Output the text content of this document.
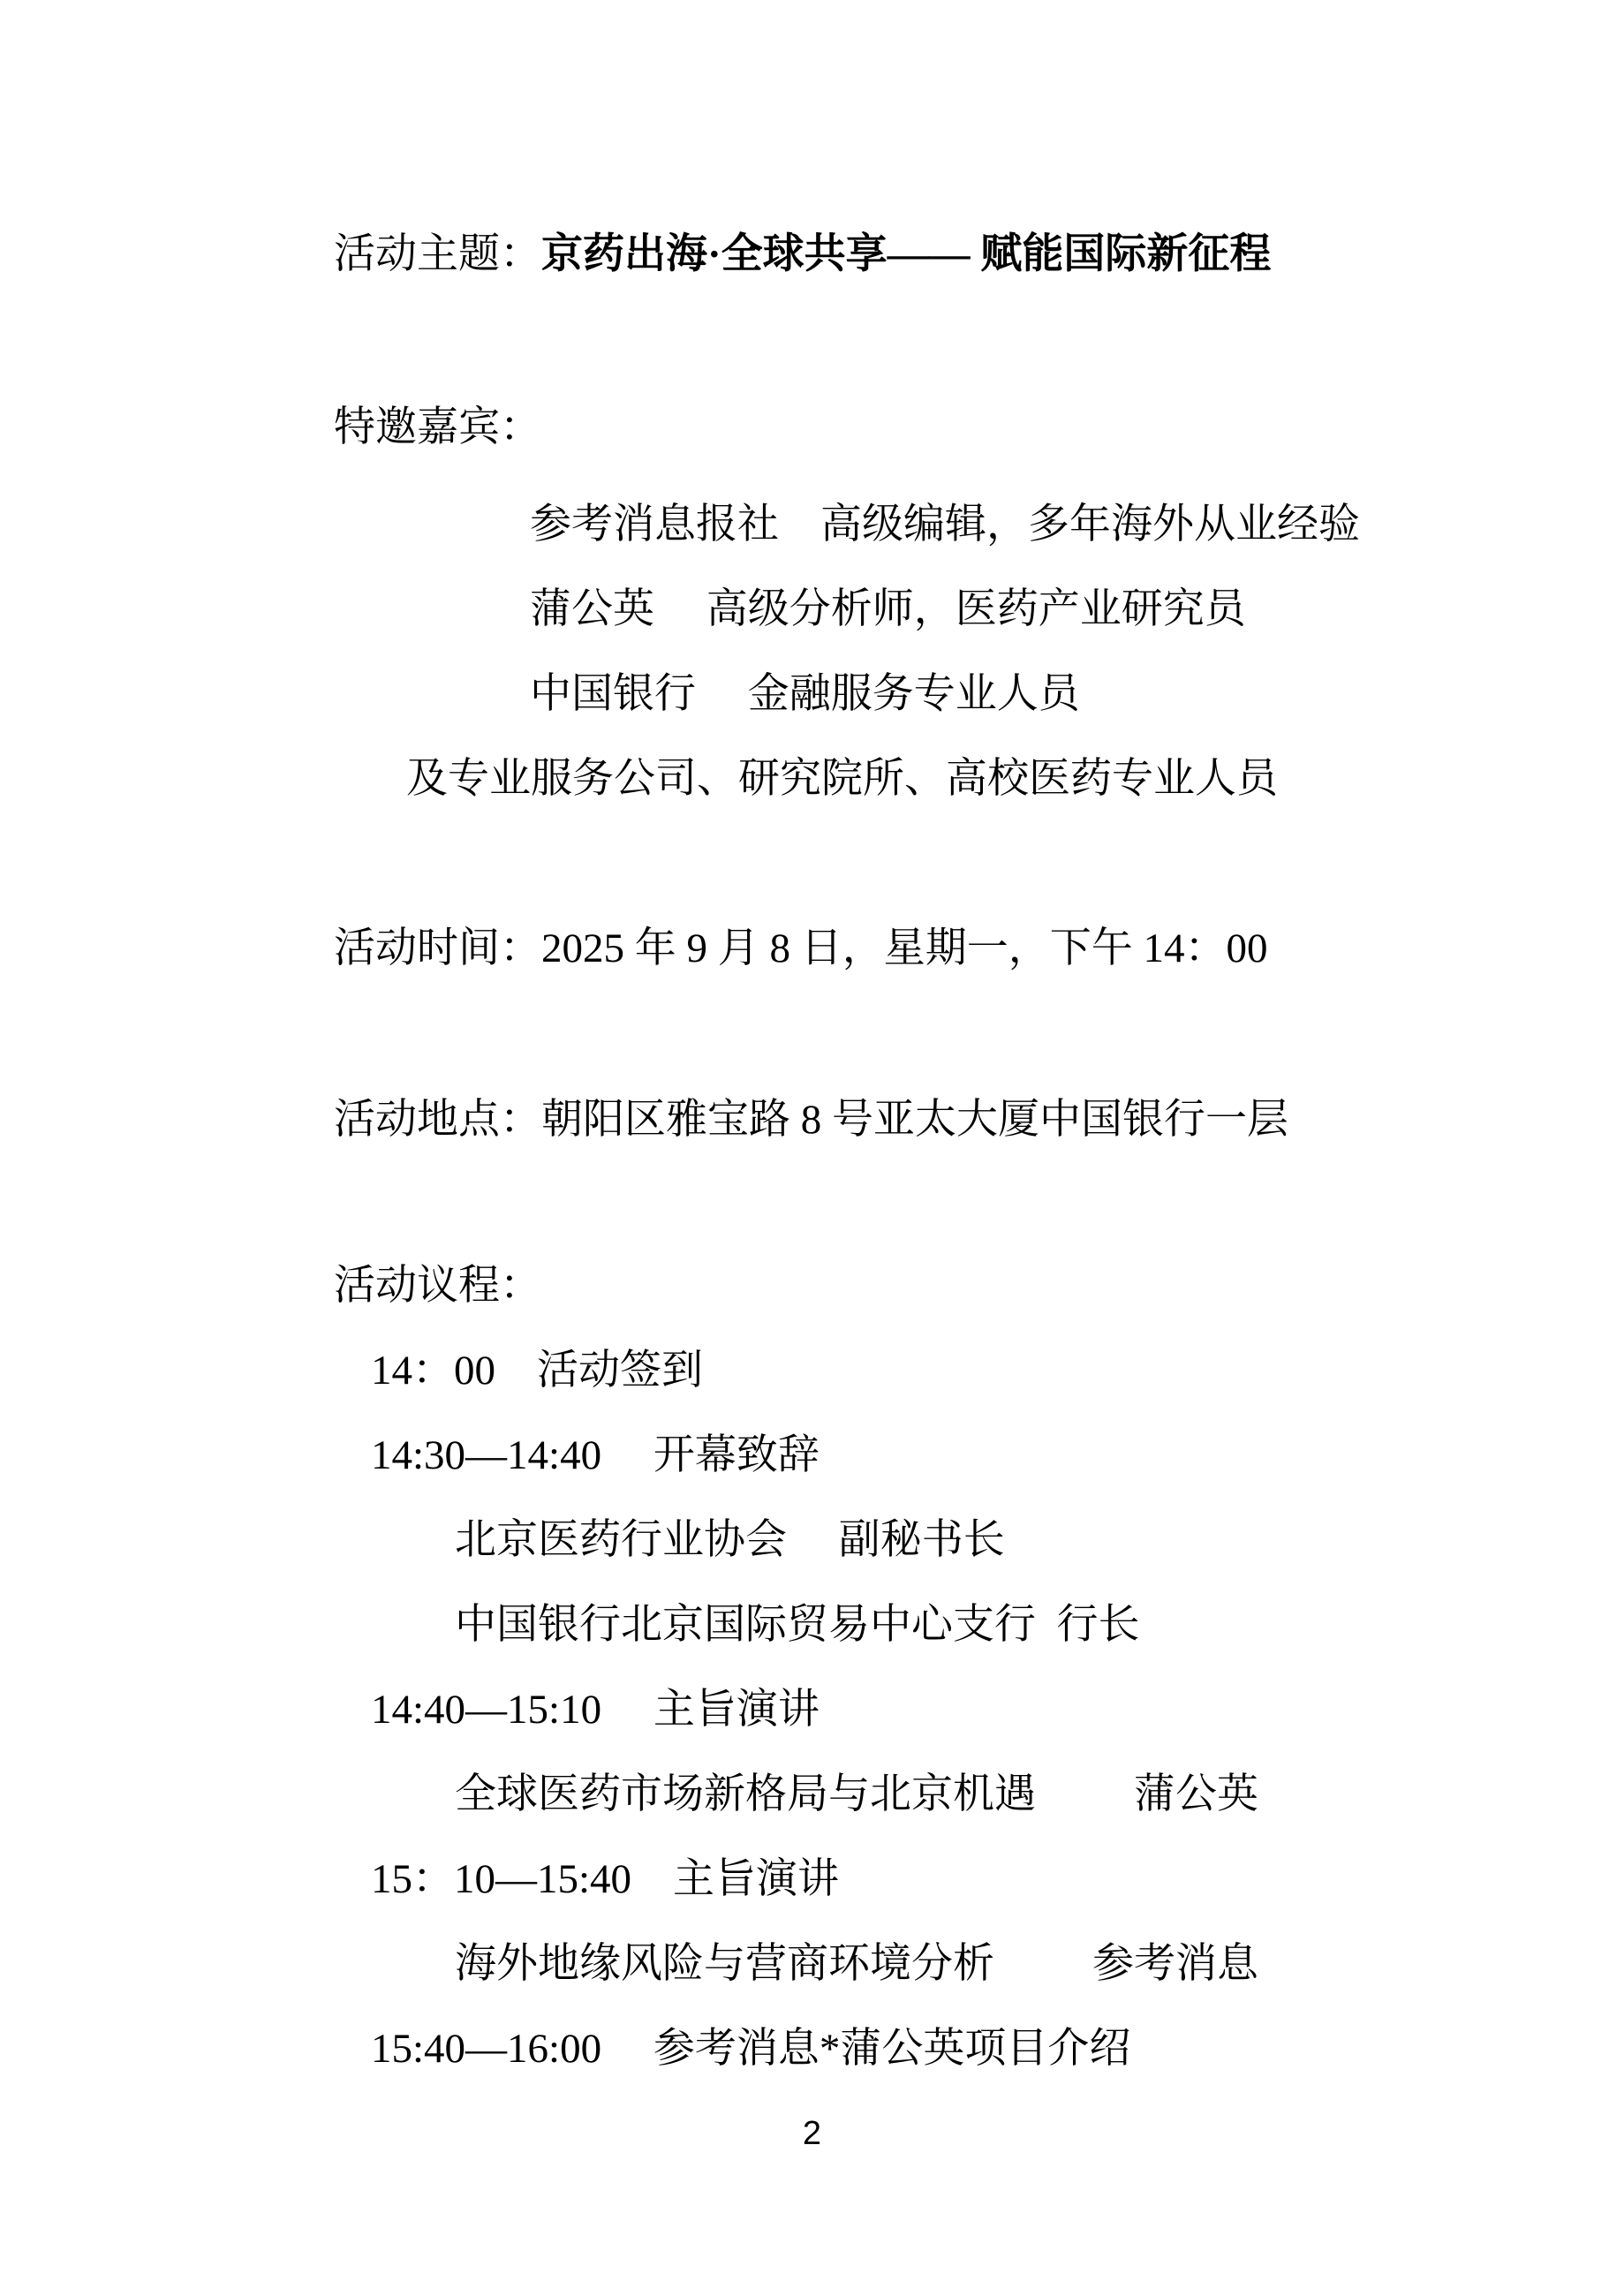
活动主题：京药出海·全球共享—— 赋能国际新征程

特邀嘉宾：

参考消息报社　高级编辑，多年海外从业经验

蒲公英　 高级分析师，医药产业研究员

中国银行　 金融服务专业人员

及专业服务公司、研究院所、高校医药专业人员

活动时间：2025 年 9 月 8 日，星期一，下午 14：00

活动地点：朝阳区雅宝路 8 号亚太大厦中国银行一层

活动议程：

14：00　活动签到

14:30—14:40　 开幕致辞

北京医药行业协会　 副秘书长

中国银行北京国际贸易中心支行  行长

14:40—15:10　 主旨演讲

全球医药市场新格局与北京机遇 蒲公英

15：10—15:40　主旨演讲

海外地缘风险与营商环境分析 参考消息

15:40—16:00　 参考消息*蒲公英项目介绍

2
